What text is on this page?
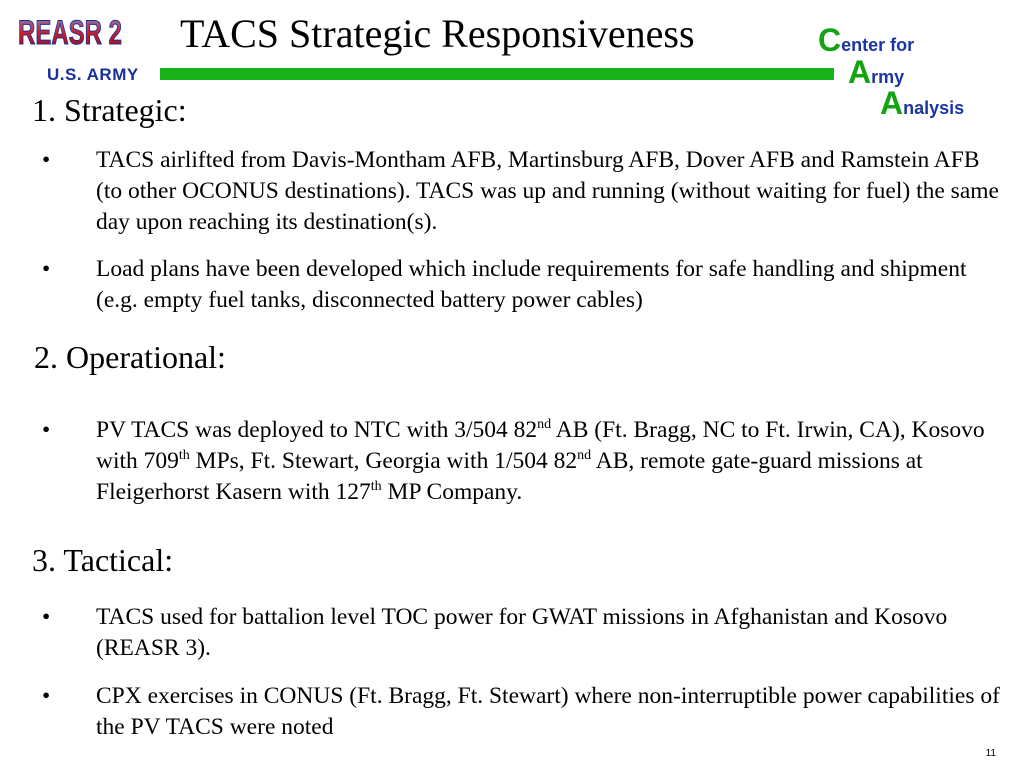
REASR 2
U.S. ARMY
TACS Strategic Responsiveness	Center for
Army
Analysis
1. Strategic:
•	TACS airlifted from Davis-Montham AFB, Martinsburg AFB, Dover AFB and Ramstein AFB (to other OCONUS destinations). TACS was up and running (without waiting for fuel) the same day upon reaching its destination(s).
•	Load plans have been developed which include requirements for safe handling and shipment (e.g. empty fuel tanks, disconnected battery power cables)
2. Operational:
•	PV TACS was deployed to NTC with 3/504 82nd AB (Ft. Bragg, NC to Ft. Irwin, CA), Kosovo with 709th MPs, Ft. Stewart, Georgia with 1/504 82nd AB, remote gate-guard missions at Fleigerhorst Kasern with 127th MP Company.
3. Tactical:
•	TACS used for battalion level TOC power for GWAT missions in Afghanistan and Kosovo (REASR 3).
•	CPX exercises in CONUS (Ft. Bragg, Ft. Stewart) where non-interruptible power capabilities of the PV TACS were noted
11
